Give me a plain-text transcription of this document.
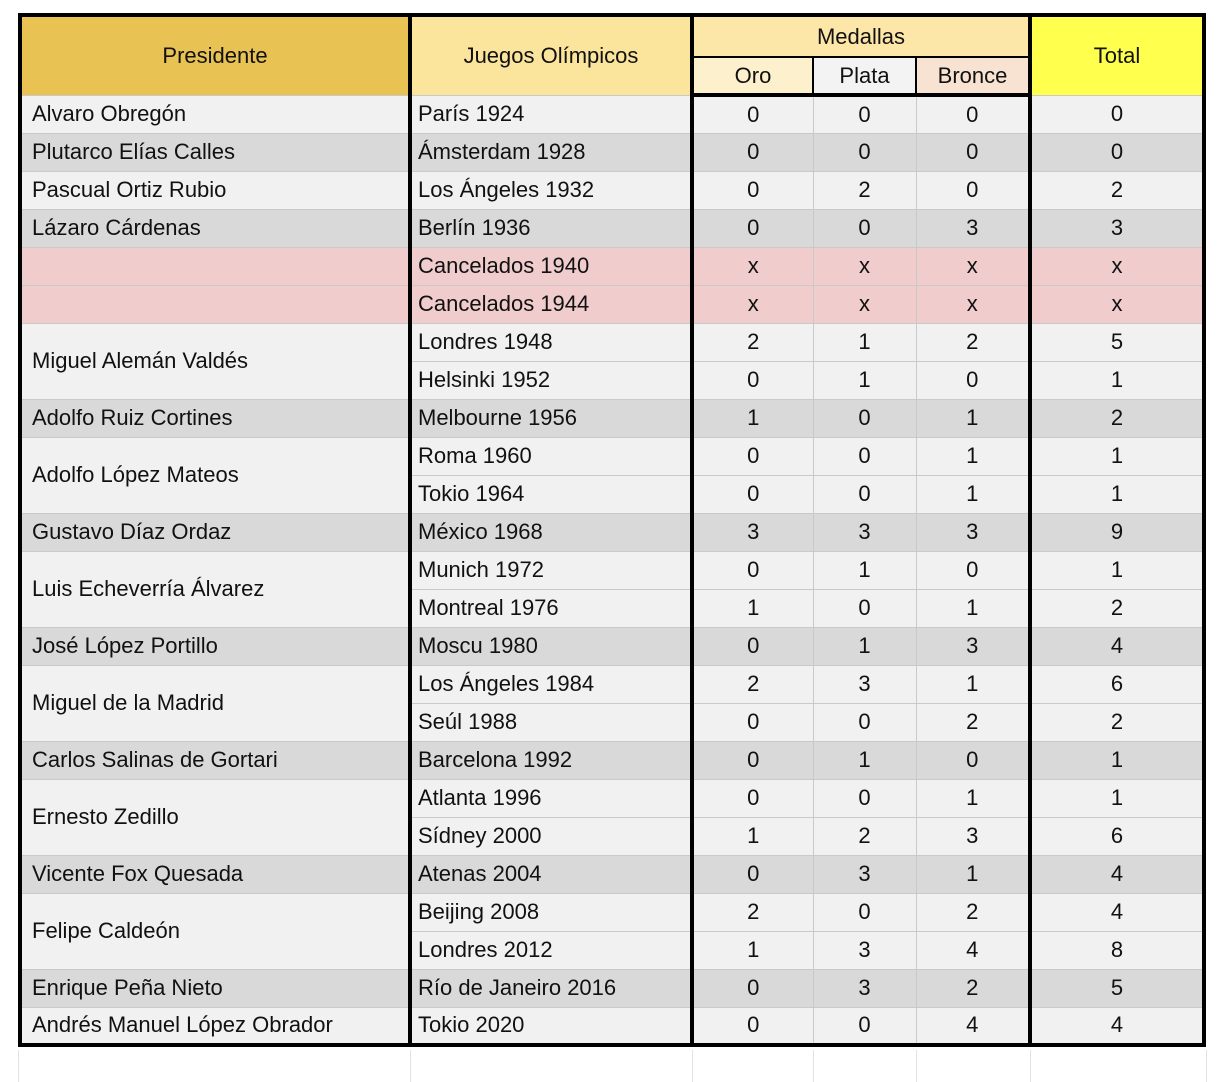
Presidente	Juegos Olímpicos	Medallas			Total
		Oro	Plata	Bronce	
Alvaro Obregón	París 1924	0	0	0	0
Plutarco Elías Calles	Ámsterdam 1928	0	0	0	0
Pascual Ortiz Rubio	Los Ángeles 1932	0	2	0	2
Lázaro Cárdenas	Berlín 1936	0	0	3	3
	Cancelados 1940	x	x	x	x
	Cancelados 1944	x	x	x	x
Miguel Alemán Valdés	Londres 1948	2	1	2	5
	Helsinki 1952	0	1	0	1
Adolfo Ruiz Cortines	Melbourne 1956	1	0	1	2
Adolfo López Mateos	Roma 1960	0	0	1	1
	Tokio 1964	0	0	1	1
Gustavo Díaz Ordaz	México 1968	3	3	3	9
Luis Echeverría Álvarez	Munich 1972	0	1	0	1
	Montreal 1976	1	0	1	2
José López Portillo	Moscu 1980	0	1	3	4
Miguel de la Madrid	Los Ángeles 1984	2	3	1	6
	Seúl 1988	0	0	2	2
Carlos Salinas de Gortari	Barcelona 1992	0	1	0	1
Ernesto Zedillo	Atlanta 1996	0	0	1	1
	Sídney 2000	1	2	3	6
Vicente Fox Quesada	Atenas 2004	0	3	1	4
Felipe Caldeón	Beijing 2008	2	0	2	4
	Londres 2012	1	3	4	8
Enrique Peña Nieto	Río de Janeiro 2016	0	3	2	5
Andrés Manuel López Obrador	Tokio 2020	0	0	4	4
